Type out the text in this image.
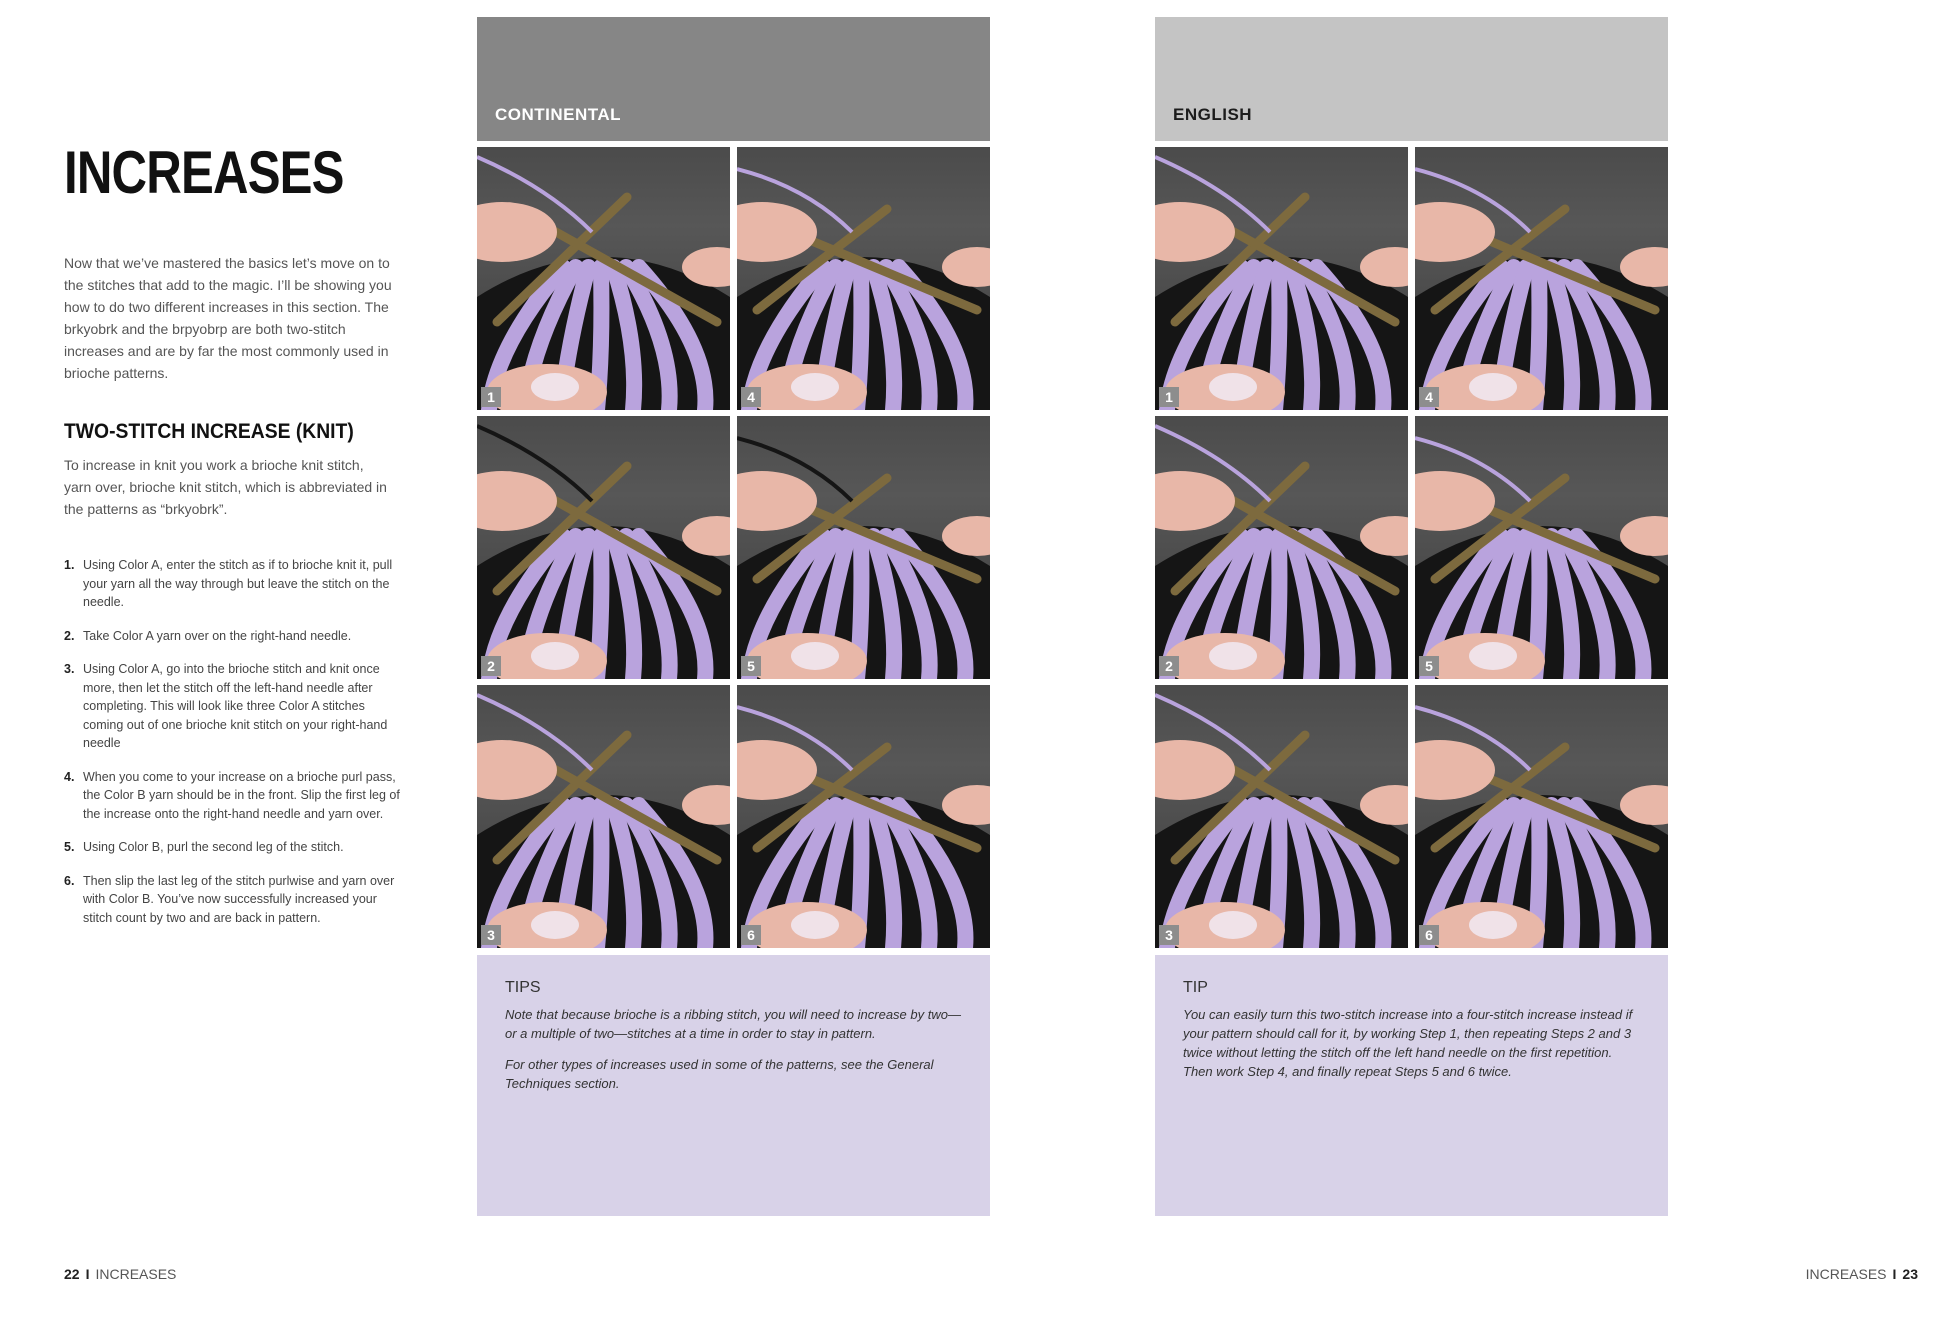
INCREASES
Now that we’ve mastered the basics let’s move on to the stitches that add to the magic. I’ll be showing you how to do two different increases in this section. The brkyobrk and the brpyobrp are both two-stitch increases and are by far the most commonly used in brioche patterns.
TWO-STITCH INCREASE (KNIT)
To increase in knit you work a brioche knit stitch, yarn over, brioche knit stitch, which is abbreviated in the patterns as “brkyobrk”.
1. Using Color A, enter the stitch as if to brioche knit it, pull your yarn all the way through but leave the stitch on the needle.
2. Take Color A yarn over on the right-hand needle.
3. Using Color A, go into the brioche stitch and knit once more, then let the stitch off the left-hand needle after completing. This will look like three Color A stitches coming out of one brioche knit stitch on your right-hand needle
4. When you come to your increase on a brioche purl pass, the Color B yarn should be in the front. Slip the first leg of the increase onto the right-hand needle and yarn over.
5. Using Color B, purl the second leg of the stitch.
6. Then slip the last leg of the stitch purlwise and yarn over with Color B. You’ve now successfully increased your stitch count by two and are back in pattern.
CONTINENTAL
1	4
2	5
3	6
TIPS

Note that because brioche is a ribbing stitch, you will need to increase by two—or a multiple of two—stitches at a time in order to stay in pattern.

For other types of increases used in some of the patterns, see the General Techniques section.

ENGLISH
1	4
2	5
3	6
TIP

You can easily turn this two-stitch increase into a four-stitch increase instead if your pattern should call for it, by working Step 1, then repeating Steps 2 and 3 twice without letting the stitch off the left hand needle on the first repetition. Then work Step 4, and finally repeat Steps 5 and 6 twice.

22 I INCREASES	INCREASES I 23
